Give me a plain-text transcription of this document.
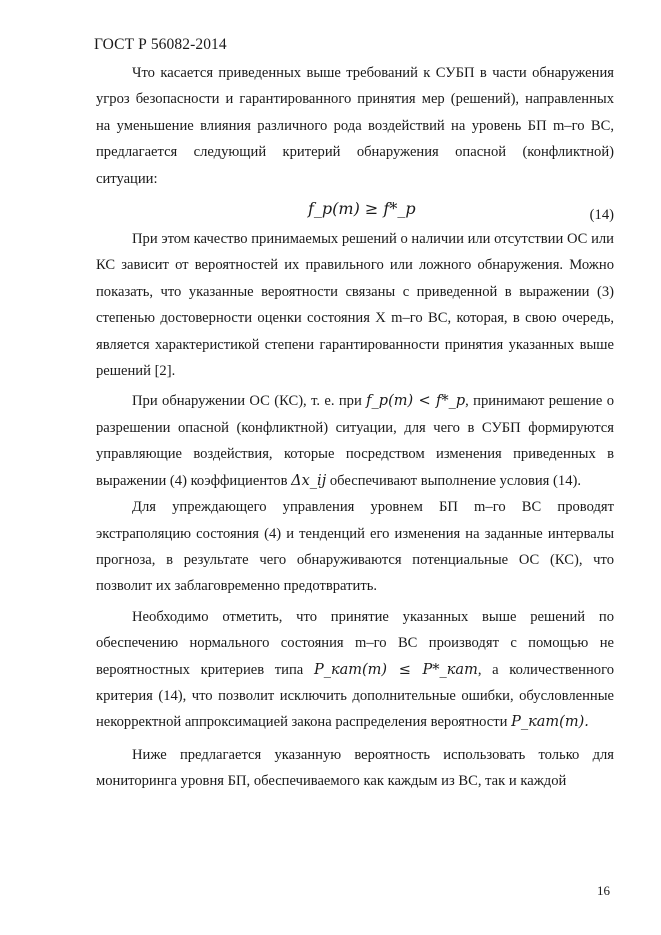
ГОСТ Р 56082-2014

Что касается приведенных выше требований к СУБП в части обнаружения угроз безопасности и гарантированного принятия мер (решений), направленных на уменьшение влияния различного рода воздействий на уровень БП m–го ВС, предлагается следующий критерий обнаружения опасной (конфликтной) ситуации:

f_p(m) ≥ f*_p	(14)

При этом качество принимаемых решений о наличии или отсутствии ОС или КС зависит от вероятностей их правильного или ложного обнаружения. Можно показать, что указанные вероятности связаны с приведенной в выражении (3) степенью достоверности оценки состояния X m–го ВС, которая, в свою очередь, является характеристикой степени гарантированности принятия указанных выше решений [2].

При обнаружении ОС (КС), т. е. при f_p(m) < f*_p, принимают решение о разрешении опасной (конфликтной) ситуации, для чего в СУБП формируются управляющие воздействия, которые посредством изменения приведенных в выражении (4) коэффициентов Δx_ij обеспечивают выполнение условия (14).

Для упреждающего управления уровнем БП m–го ВС проводят экстраполяцию состояния (4) и тенденций его изменения на заданные интервалы прогноза, в результате чего обнаруживаются потенциальные ОС (КС), что позволит их заблаговременно предотвратить.

Необходимо отметить, что принятие указанных выше решений по обеспечению нормального состояния m–го ВС производят с помощью не вероятностных критериев типа P_кат(m) ≤ P*_кат, а количественного критерия (14), что позволит исключить дополнительные ошибки, обусловленные некорректной аппроксимацией закона распределения вероятности P_кат(m).

Ниже предлагается указанную вероятность использовать только для мониторинга уровня БП, обеспечиваемого как каждым из ВС, так и каждой

16
